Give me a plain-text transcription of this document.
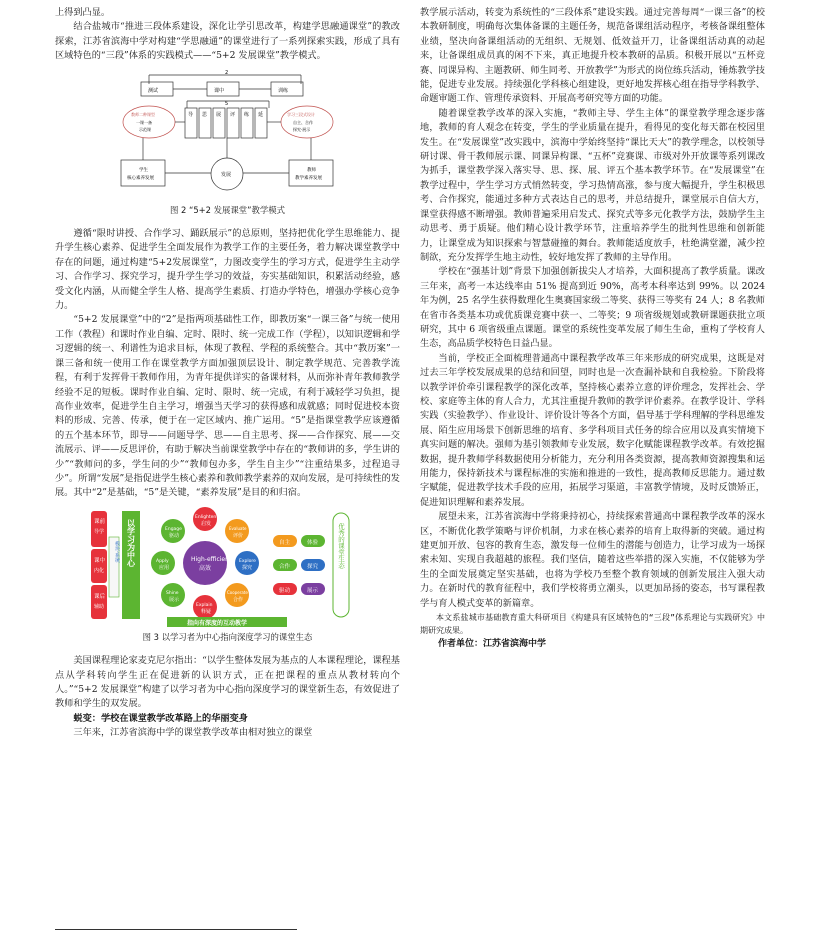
上得到凸显。

结合盐城市“推进三段体系建设，深化让学引思改革，构建学思融通课堂”的教改探索，江苏省滨海中学对构建“学思融通”的课堂进行了一系列探索实践，形成了具有区域特色的“三段”体系的实践模式——“5+2 发展课堂”教学模式。

2
测试	课中	训练
5
教师二种课型
一课一备
示范课
学习三段式设计
自主、合作
探究·展示
导 思 展 评 练 延
学生
核心素养发展
发展
教师
教学素养发展
图 2 “5+2 发展课堂”教学模式

遵循“限时讲授、合作学习、踊跃展示”的总原则，坚持把优化学生思维能力、提升学生核心素养、促进学生全面发展作为教学工作的主要任务，着力解决课堂教学中存在的问题，通过构建“5+2发展课堂”，力图改变学生的学习方式，促进学生主动学习、合作学习、探究学习，提升学生学习的效益，夯实基础知识，积累活动经验，感受文化内涵，从而健全学生人格、提高学生素质、打造办学特色，增强办学核心竞争力。

“5+2 发展课堂”中的“2”是指两项基础性工作，即教历案“一课三备”与统一使用工作（教程）和课时作业自编、定时、限时、统一完成工作（学程），以知识逻辑和学习逻辑的统一、利谱性为追求目标，体现了教程、学程的系统整合。其中“教历案”一课三备和统一使用工作在课堂教学方面加强顶层设计、制定教学规范、完善教学流程，有利于发挥骨干教师作用，为青年提供详实的备课材料，从而弥补青年教师教学经验不足的短板。课时作业自编、定时、限时、统一完成，有利于减轻学习负担，提高作业效率，促进学生自主学习，增强当天学习的获得感和成就感；同时促进校本资料的形成、完善、传承，便于在一定区域内、推广运用。“5”是指课堂教学应该遵循的五个基本环节，即导——问题导学、思——自主思考、探——合作探究、展——交流展示、评——反思评价，有助于解决当前课堂教学中存在的“教师讲的多，学生讲的少”“教师问的多，学生问的少”“教师包办多，学生自主少”“注重结果多，过程追寻少”。所谓“发展”是指促进学生核心素养和教师教学素养的双向发展，是可持续性的发展。其中“2”是基础，“5”是关键，“素养发展”是目的和归宿。

课前
导学
课中
内化
课后
辅助
模块·系统 以学习为中心	High-efficiency
高效
Engage
驱动
Enlighten
启发
Explore
探究
Cooperate
合作
Explain
释疑
Shine
展示
Apply
应用
Evaluate
评价
自主	体验
合作	探究
驱动	展示
优秀的课堂生态
指向有深度的互动教学
图 3 以学习者为中心指向深度学习的课堂生态

美国课程理论家麦克尼尔指出：“以学生整体发展为基点的人本课程理论，课程基点从学科转向学生正在促进新的认识方式，正在把课程的重点从教材转向个人。”“5+2 发展课堂”构建了以学习者为中心指向深度学习的课堂新生态，有效促进了教师和学生的双发展。

蜕变：学校在课堂教学改革路上的华丽变身

三年来，江苏省滨海中学的课堂教学改革由相对独立的课堂

教学展示活动，转变为系统性的“三段体系”建设实践。通过完善每周“一课三备”的校本教研制度，明确每次集体备课的主题任务，规范备课组活动程序，考核备课组整体业绩，坚决向备课组活动的无组织、无规划、低效益开刀，让备课组活动真的动起来，让备课组成员真的闲不下来，真正地提升校本教研的品质。积极开展以“五杯竞赛、同课异构、主题教研、师生同考、开放教学”为形式的岗位练兵活动，锤炼教学技能，促进专业发展。持续强化学科核心组建设，更好地发挥核心组在指导学科教学、命题审题工作、管理传承资料、开展高考研究等方面的功能。

随着课堂教学改革的深入实施，“教师主导、学生主体”的课堂教学理念逐步落地，教师的育人观念在转变，学生的学业质量在提升，看得见的变化每天都在校园里发生。在“发展课堂”改实践中，滨海中学始终坚持“课比天大”的教学理念，以校领导研讨课、骨干教师展示课、同课异构课、“五杯”竞赛课、市级对外开放课等系列课改为抓手，课堂教学深入落实导、思、探、展、评五个基本教学环节。在“发展课堂”在教学过程中，学生学习方式悄然转变，学习热情高涨，参与度大幅提升，学生积极思考、合作探究，能通过多种方式表达自己的思考，并总结提升，课堂展示自信大方，课堂获得感不断增强。教师普遍采用启发式、探究式等多元化教学方法，鼓励学生主动思考、勇于质疑。他们精心设计教学环节，注重培养学生的批判性思维和创新能力，让课堂成为知识探索与智慧碰撞的舞台。教师能适度放手，杜绝满堂灌，减少控制欲，充分发挥学生地主动性，较好地发挥了教师的主导作用。

学校在“强基计划”背景下加强创新拔尖人才培养，大面积提高了教学质量。课改三年来，高考一本达线率由 51% 提高到近 90%，高考本科率达到 99%。以 2024 年为例，25 名学生获得数理化生奥赛国家级二等奖、获得三等奖有 24 人；8 名教师在省市各类基本功或优质课竞赛中获一、二等奖；9 项省级规划或教研课题获批立项研究，其中 6 项省级重点课题。课堂的系统性变革发展了师生生命，重构了学校育人生态，高品质学校特色日益凸显。

当前，学校正全面梳理普通高中课程教学改革三年来形成的研究成果，这既是对过去三年学校发展成果的总结和回望，同时也是一次查漏补缺和自我检验。下阶段将以教学评价牵引课程教学的深化改革，坚持核心素养立意的评价理念，发挥社会、学校、家庭等主体的育人合力，尤其注重提升教师的教学评价素养。在教学设计、学科实践（实验教学）、作业设计、评价设计等各个方面，倡导基于学科理解的学科思维发展、陌生应用场景下创新思维的培育、多学科项目式任务的综合应用以及真实情境下真实问题的解决。强师为基引领教师专业发展，数字化赋能课程教学改革。有效挖掘数据，提升教师学科数据使用分析能力，充分利用各类资源，提高教师资源搜集和运用能力，保持新技术与课程标准的实施和推进的一致性，提高教师反思能力。通过数字赋能，促进教学技术手段的应用，拓展学习渠道，丰富教学情境，及时反馈矫正，促进知识理解和素养发展。

展望未来，江苏省滨海中学将秉持初心，持续探索普通高中课程教学改革的深水区，不断优化教学策略与评价机制，力求在核心素养的培育上取得新的突破。通过构建更加开放、包容的教育生态，激发每一位师生的潜能与创造力，让学习成为一场探索未知、实现自我超越的旅程。我们坚信，随着这些举措的深入实施，不仅能够为学生的全面发展奠定坚实基础，也将为学校乃至整个教育领域的创新发展注入强大动力。在新时代的教育征程中，我们学校将勇立潮头，以更加昂扬的姿态，书写课程教学与育人模式变革的新篇章。

本文系盐城市基础教育重大科研项目《构建具有区域特色的“三段”体系理论与实践研究》中期研究成果。

作者单位：江苏省滨海中学
